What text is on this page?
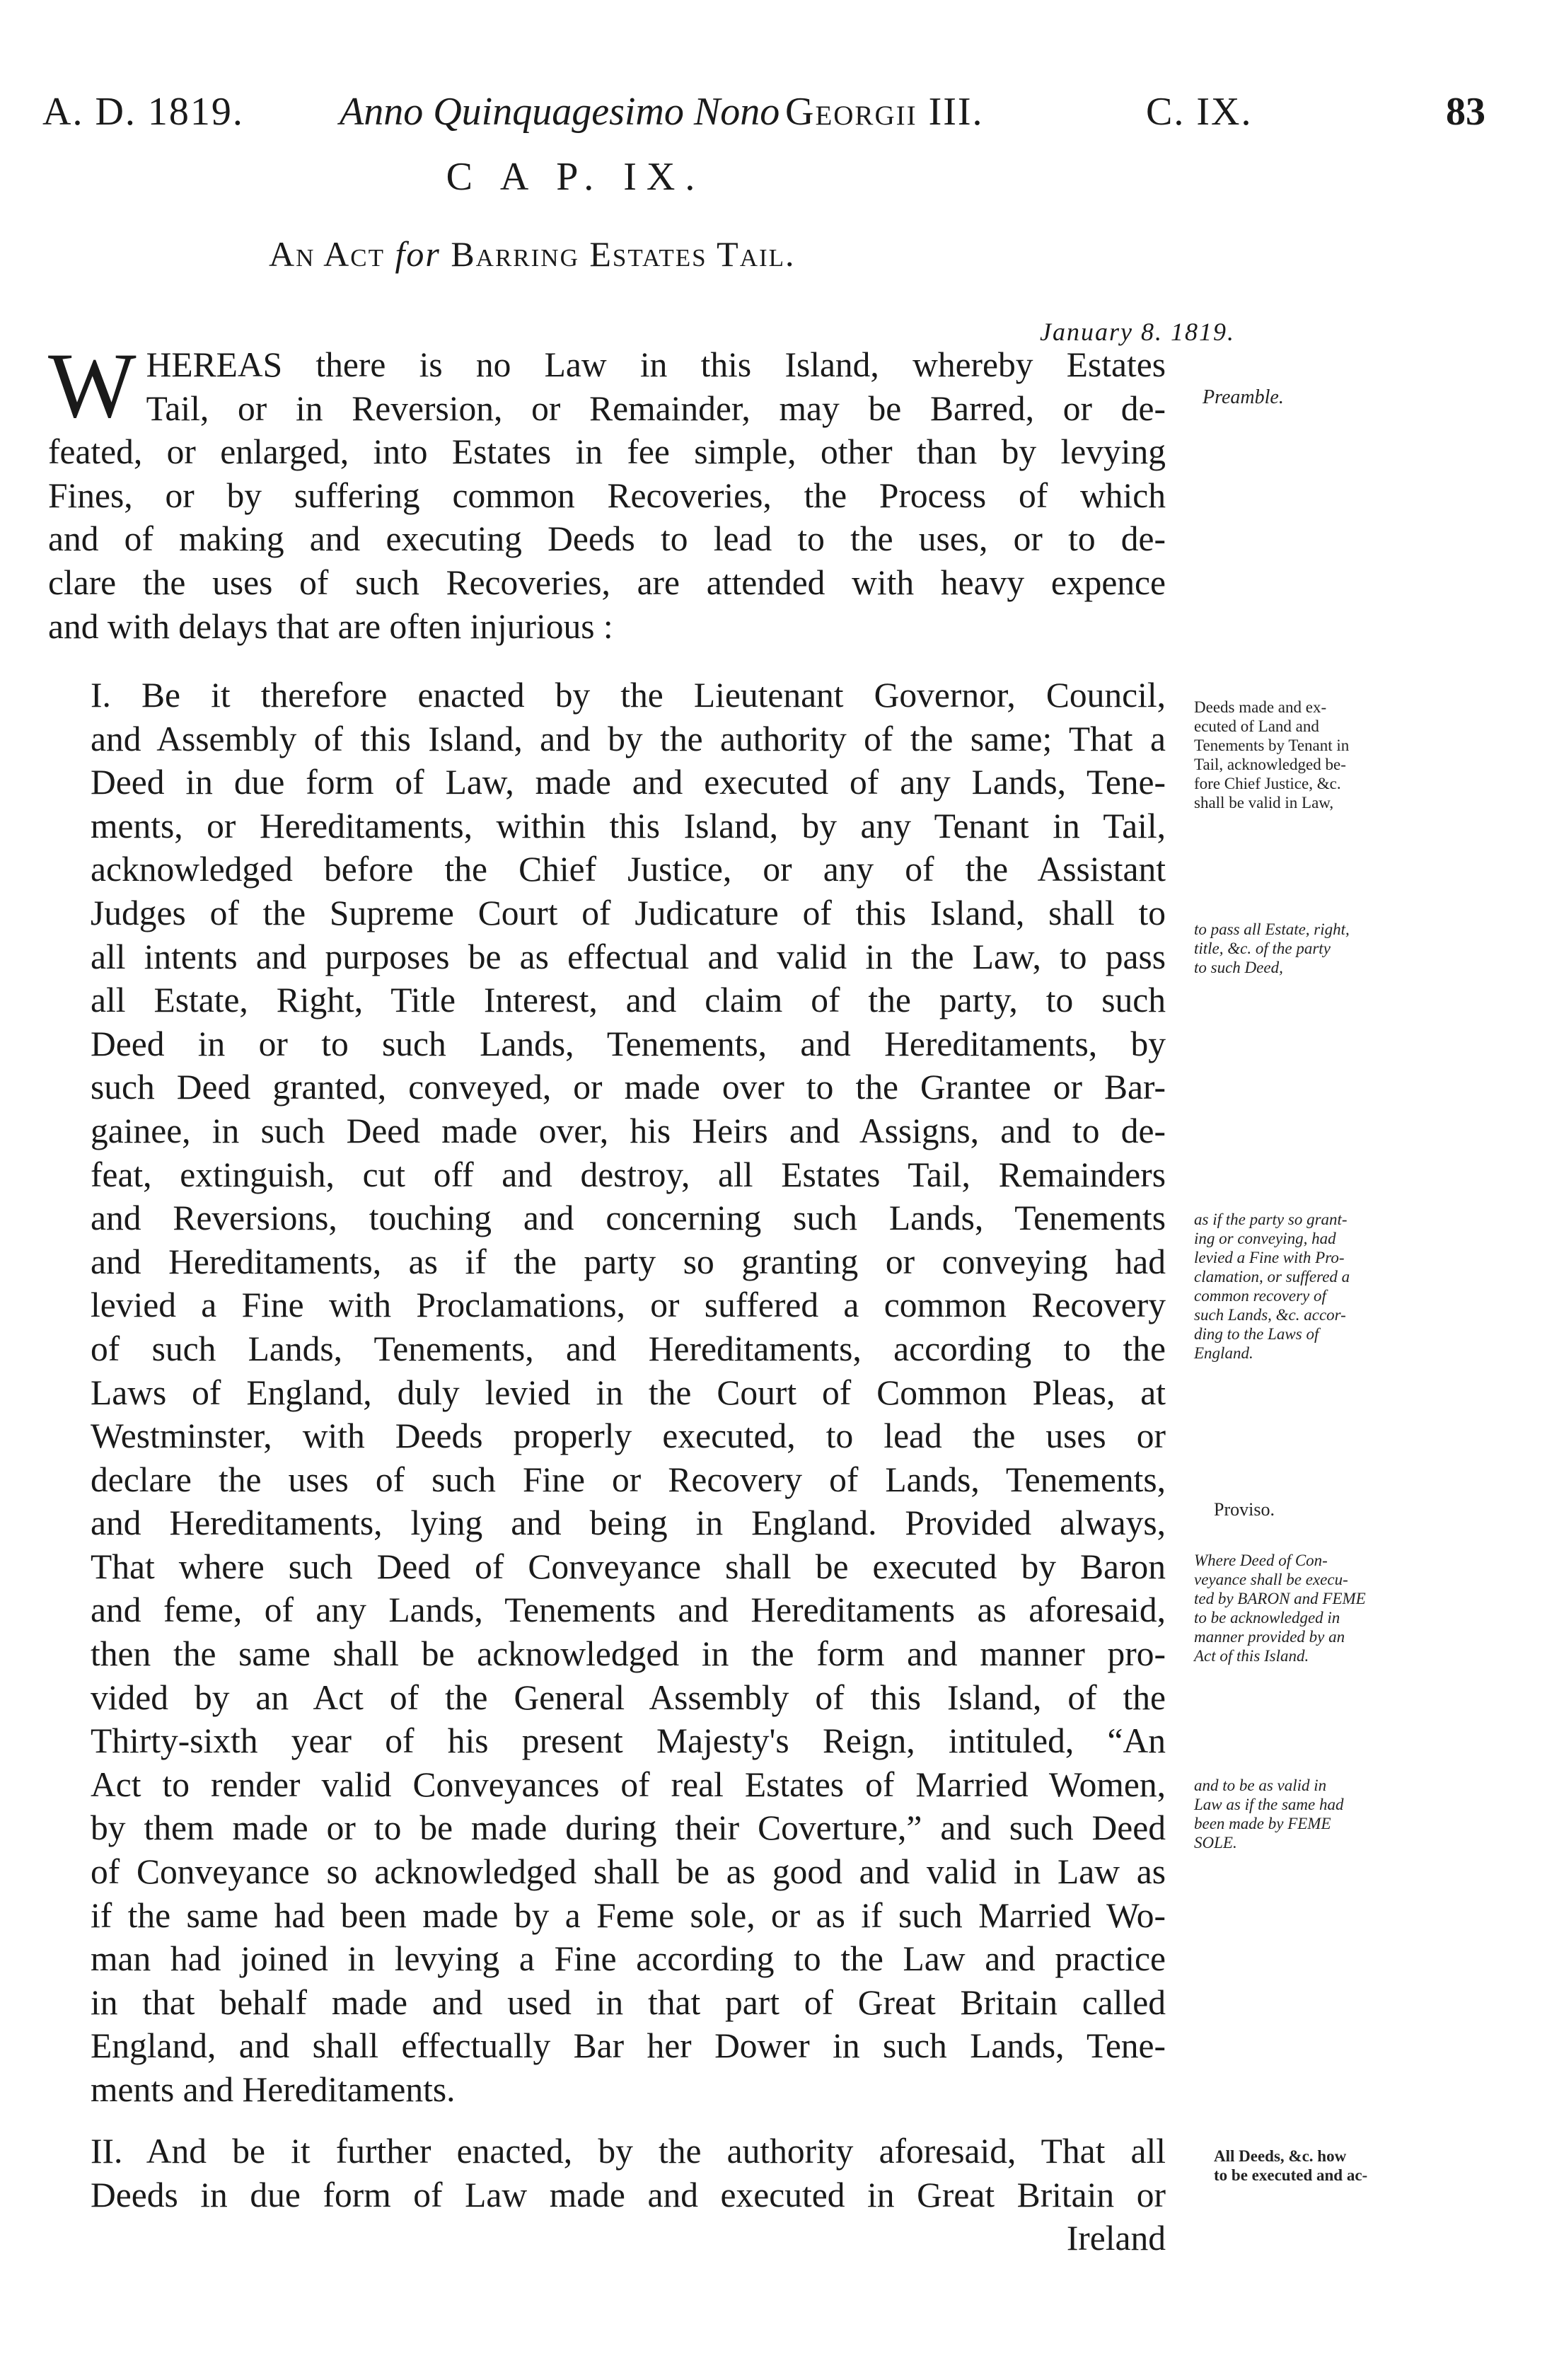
A. D. 1819. Anno Quinquagesimo Nono Georgii III.	C. IX.	83
C A P. IX.
An Act for Barring Estates Tail.
January 8. 1819.
W HEREAS there is no Law in this Island, whereby Estates
Tail, or in Reversion, or Remainder, may be Barred, or de-
feated, or enlarged, into Estates in fee simple, other than by levying
Fines, or by suffering common Recoveries, the Process of which
and of making and executing Deeds to lead to the uses, or to de-
clare the uses of such Recoveries, are attended with heavy expence
and with delays that are often injurious :
I. Be it therefore enacted by the Lieutenant Governor, Council,
and Assembly of this Island, and by the authority of the same; That a
Deed in due form of Law, made and executed of any Lands, Tene-
ments, or Hereditaments, within this Island, by any Tenant in Tail,
acknowledged before the Chief Justice, or any of the Assistant
Judges of the Supreme Court of Judicature of this Island, shall to
all intents and purposes be as effectual and valid in the Law, to pass
all Estate, Right, Title Interest, and claim of the party, to such
Deed in or to such Lands, Tenements, and Hereditaments, by
such Deed granted, conveyed, or made over to the Grantee or Bar-
gainee, in such Deed made over, his Heirs and Assigns, and to de-
feat, extinguish, cut off and destroy, all Estates Tail, Remainders
and Reversions, touching and concerning such Lands, Tenements
and Hereditaments, as if the party so granting or conveying had
levied a Fine with Proclamations, or suffered a common Recovery
of such Lands, Tenements, and Hereditaments, according to the
Laws of England, duly levied in the Court of Common Pleas, at
Westminster, with Deeds properly executed, to lead the uses or
declare the uses of such Fine or Recovery of Lands, Tenements,
and Hereditaments, lying and being in England. Provided always,
That where such Deed of Conveyance shall be executed by Baron
and feme, of any Lands, Tenements and Hereditaments as aforesaid,
then the same shall be acknowledged in the form and manner pro-
vided by an Act of the General Assembly of this Island, of the
Thirty-sixth year of his present Majesty's Reign, intituled, “An
Act to render valid Conveyances of real Estates of Married Women,
by them made or to be made during their Coverture,” and such Deed
of Conveyance so acknowledged shall be as good and valid in Law as
if the same had been made by a Feme sole, or as if such Married Wo-
man had joined in levying a Fine according to the Law and practice
in that behalf made and used in that part of Great Britain called
England, and shall effectually Bar her Dower in such Lands, Tene-
ments and Hereditaments.
II. And be it further enacted, by the authority aforesaid, That all
Deeds in due form of Law made and executed in Great Britain or
Ireland
Preamble.
Deeds made and ex-
ecuted of Land and
Tenements by Tenant in
Tail, acknowledged be-
fore Chief Justice, &c.
shall be valid in Law,
to pass all Estate, right,
title, &c. of the party
to such Deed,
as if the party so grant-
ing or conveying, had
levied a Fine with Pro-
clamation, or suffered a
common recovery of
such Lands, &c. accor-
ding to the Laws of
England.
Proviso.
Where Deed of Con-
veyance shall be execu-
ted by BARON and FEME
to be acknowledged in
manner provided by an
Act of this Island.
and to be as valid in
Law as if the same had
been made by FEME
SOLE.
All Deeds, &c. how
to be executed and ac-
